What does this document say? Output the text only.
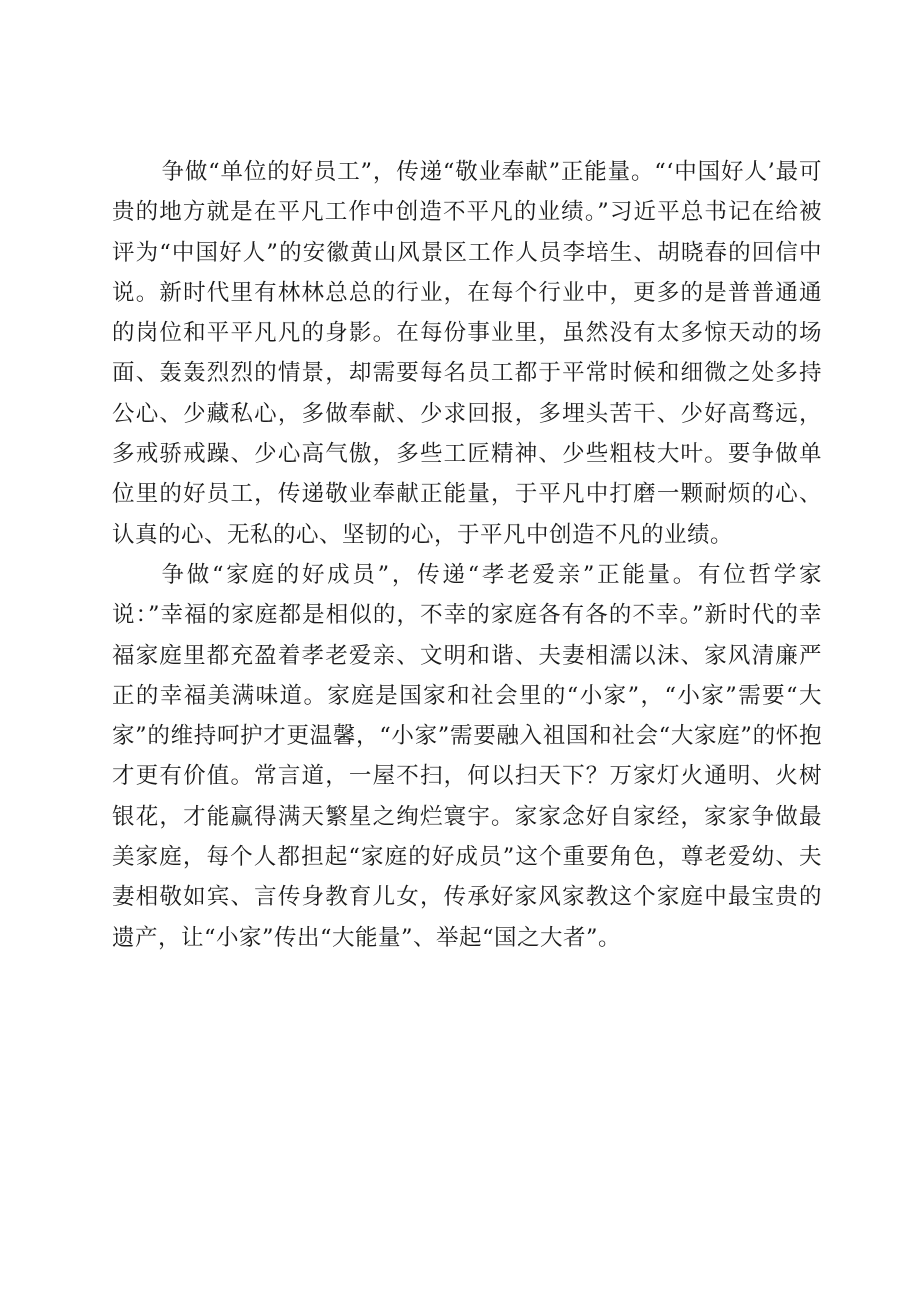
争做“单位的好员工”，传递“敬业奉献”正能量。“‘中国好人’最可贵的地方就是在平凡工作中创造不平凡的业绩。”习近平总书记在给被评为“中国好人”的安徽黄山风景区工作人员李培生、胡晓春的回信中说。新时代里有林林总总的行业，在每个行业中，更多的是普普通通的岗位和平平凡凡的身影。在每份事业里，虽然没有太多惊天动的场面、轰轰烈烈的情景，却需要每名员工都于平常时候和细微之处多持公心、少藏私心，多做奉献、少求回报，多埋头苦干、少好高骛远，多戒骄戒躁、少心高气傲，多些工匠精神、少些粗枝大叶。要争做单位里的好员工，传递敬业奉献正能量，于平凡中打磨一颗耐烦的心、认真的心、无私的心、坚韧的心，于平凡中创造不凡的业绩。

争做“家庭的好成员”，传递“孝老爱亲”正能量。有位哲学家说：”幸福的家庭都是相似的，不幸的家庭各有各的不幸。”新时代的幸福家庭里都充盈着孝老爱亲、文明和谐、夫妻相濡以沫、家风清廉严正的幸福美满味道。家庭是国家和社会里的“小家”，“小家”需要“大家”的维持呵护才更温馨，“小家”需要融入祖国和社会“大家庭”的怀抱才更有价值。常言道，一屋不扫，何以扫天下？万家灯火通明、火树银花，才能赢得满天繁星之绚烂寰宇。家家念好自家经，家家争做最美家庭，每个人都担起“家庭的好成员”这个重要角色，尊老爱幼、夫妻相敬如宾、言传身教育儿女，传承好家风家教这个家庭中最宝贵的遗产，让“小家”传出“大能量”、举起“国之大者”。
